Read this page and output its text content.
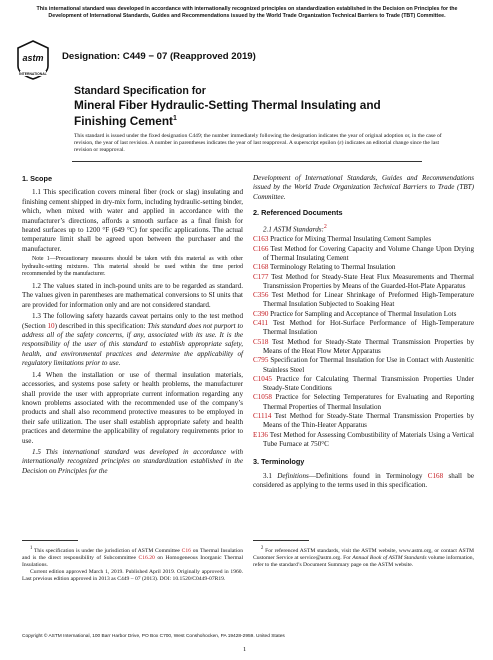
This international standard was developed in accordance with internationally recognized principles on standardization established in the Decision on Principles for the Development of International Standards, Guides and Recommendations issued by the World Trade Organization Technical Barriers to Trade (TBT) Committee.
astm
INTERNATIONAL
Designation: C449 − 07 (Reapproved 2019)
Standard Specification for
Mineral Fiber Hydraulic-Setting Thermal Insulating and Finishing Cement$^1$
This standard is issued under the fixed designation C449; the number immediately following the designation indicates the year of original adoption or, in the case of revision, the year of last revision. A number in parentheses indicates the year of last reapproval. A superscript epsilon (ε) indicates an editorial change since the last revision or reapproval.
1. Scope

1.1 This specification covers mineral fiber (rock or slag) insulating and finishing cement shipped in dry-mix form, including hydraulic-setting binder, which, when mixed with water and applied in accordance with the manufacturer’s directions, affords a smooth surface as a final finish for heated surfaces up to 1200 °F (649 °C) for specific applications. The actual temperature limit shall be agreed upon between the purchaser and the manufacturer.

Note 1—Precautionary measures should be taken with this material as with other hydraulic-setting mixtures. This material should be used within the time period recommended by the manufacturer.

1.2 The values stated in inch-pound units are to be regarded as standard. The values given in parentheses are mathematical conversions to SI units that are provided for information only and are not considered standard.

1.3 The following safety hazards caveat pertains only to the test method (Section 10) described in this specification: This standard does not purport to address all of the safety concerns, if any, associated with its use. It is the responsibility of the user of this standard to establish appropriate safety, health, and environmental practices and determine the applicability of regulatory limitations prior to use.

1.4 When the installation or use of thermal insulation materials, accessories, and systems pose safety or health problems, the manufacturer shall provide the user with appropriate current information regarding any known problems associated with the recommended use of the company’s products and shall also recommend protective measures to be employed in their safe utilization. The user shall establish appropriate safety and health practices and determine the applicability of regulatory requirements prior to use.

1.5 This international standard was developed in accordance with internationally recognized principles on standardization established in the Decision on Principles for the

Development of International Standards, Guides and Recommendations issued by the World Trade Organization Technical Barriers to Trade (TBT) Committee.

2. Referenced Documents

2.1 ASTM Standards:$^2$

C163 Practice for Mixing Thermal Insulating Cement Samples
C166 Test Method for Covering Capacity and Volume Change Upon Drying of Thermal Insulating Cement
C168 Terminology Relating to Thermal Insulation
C177 Test Method for Steady-State Heat Flux Measurements and Thermal Transmission Properties by Means of the Guarded-Hot-Plate Apparatus
C356 Test Method for Linear Shrinkage of Preformed High-Temperature Thermal Insulation Subjected to Soaking Heat
C390 Practice for Sampling and Acceptance of Thermal Insulation Lots
C411 Test Method for Hot-Surface Performance of High-Temperature Thermal Insulation
C518 Test Method for Steady-State Thermal Transmission Properties by Means of the Heat Flow Meter Apparatus
C795 Specification for Thermal Insulation for Use in Contact with Austenitic Stainless Steel
C1045 Practice for Calculating Thermal Transmission Properties Under Steady-State Conditions
C1058 Practice for Selecting Temperatures for Evaluating and Reporting Thermal Properties of Thermal Insulation
C1114 Test Method for Steady-State Thermal Transmission Properties by Means of the Thin-Heater Apparatus
E136 Test Method for Assessing Combustibility of Materials Using a Vertical Tube Furnace at 750°C
3. Terminology

3.1 Definitions—Definitions found in Terminology C168 shall be considered as applying to the terms used in this specification.

$^1$ This specification is under the jurisdiction of ASTM Committee C16 on Thermal Insulation and is the direct responsibility of Subcommittee C16.20 on Homogeneous Inorganic Thermal Insulations.
Current edition approved March 1, 2019. Published April 2019. Originally approved in 1960. Last previous edition approved in 2013 as C449 – 07 (2013). DOI: 10.1520/C0449-07R19.
$^2$ For referenced ASTM standards, visit the ASTM website, www.astm.org, or contact ASTM Customer Service at service@astm.org. For Annual Book of ASTM Standards volume information, refer to the standard’s Document Summary page on the ASTM website.
Copyright © ASTM International, 100 Barr Harbor Drive, PO Box C700, West Conshohocken, PA 19428-2959. United States
1
